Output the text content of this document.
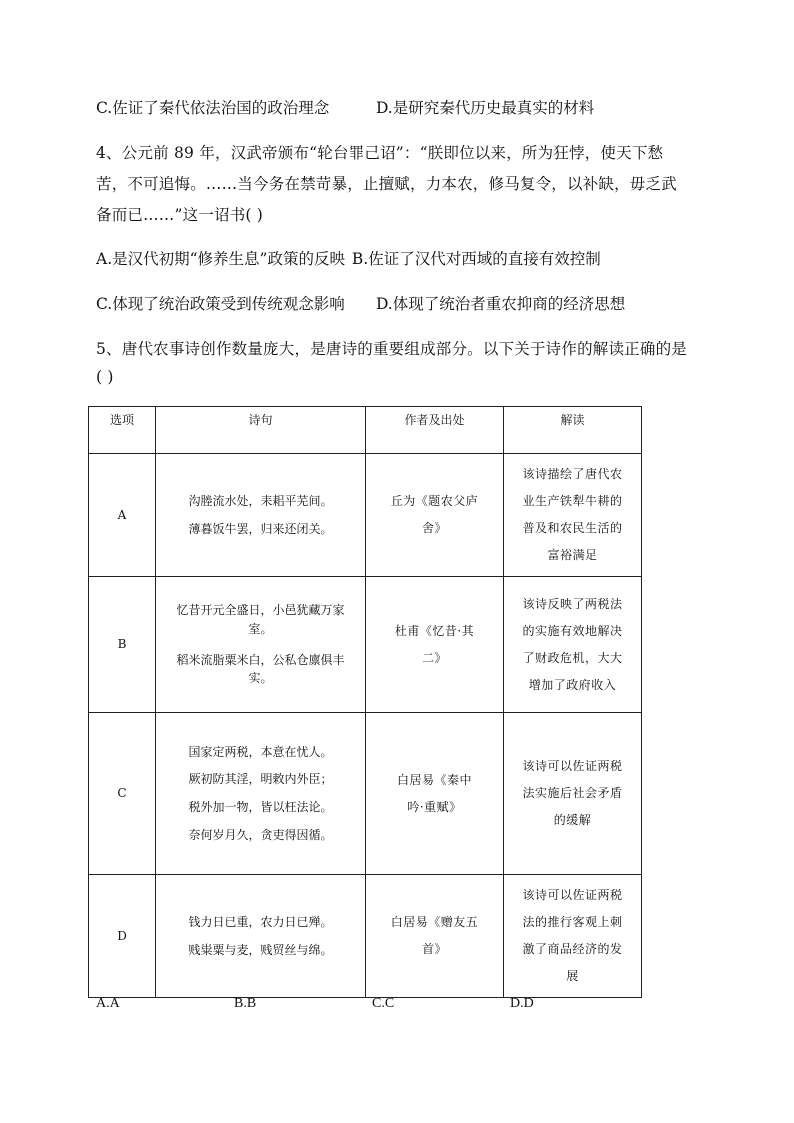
C.佐证了秦代依法治国的政治理念	D.是研究秦代历史最真实的材料
4、公元前 89 年，汉武帝颁布“轮台罪己诏”：“朕即位以来，所为狂悖，使天下愁
苦，不可追悔。……当今务在禁苛暴，止擅赋，力本农，修马复令，以补缺，毋乏武
备而已……”这一诏书( )
A.是汉代初期“修养生息”政策的反映 B.佐证了汉代对西域的直接有效控制
C.体现了统治政策受到传统观念影响 D.体现了统治者重农抑商的经济思想
5、唐代农事诗创作数量庞大，是唐诗的重要组成部分。以下关于诗作的解读正确的是
( )
选项	诗句	作者及出处	解读
A	沟塍流水处，耒耜平芜间。
薄暮饭牛罢，归来还闭关。	丘为《题农父庐
舍》	该诗描绘了唐代农
业生产铁犁牛耕的
普及和农民生活的
富裕满足

B	忆昔开元全盛日，小邑犹藏万家
室。
稻米流脂粟米白，公私仓廪俱丰
实。	杜甫《忆昔·其
二》	该诗反映了两税法
的实施有效地解决
了财政危机，大大
增加了政府收入

C	国家定两税，本意在忧人。
厥初防其淫，明敕内外臣；
税外加一物，皆以枉法论。
奈何岁月久，贪吏得因循。	白居易《秦中
吟·重赋》	该诗可以佐证两税
法实施后社会矛盾
的缓解

D	钱力日已重，农力日已殚。
贱粜粟与麦，贱贸丝与绵。	白居易《赠友五
首》	该诗可以佐证两税
法的推行客观上刺
激了商品经济的发
展
A.A	B.B	C.C	D.D
